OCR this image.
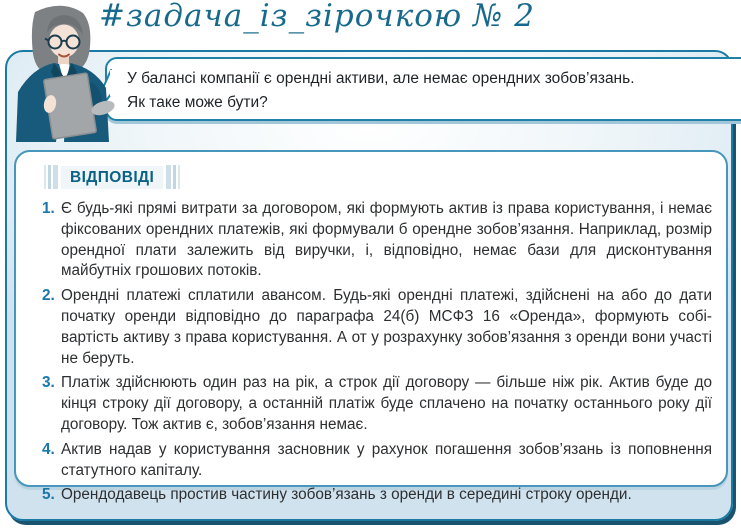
#задача_із_зірочкою № 2
У балансі компанії є орендні активи, але немає орендних зобов’язань.
Як таке може бути?
ВІДПОВІДІ
1. Є будь-які прямі витрати за договором, які формують актив із права користування, і немає фіксованих орендних платежів, які формували б орендне зобов’язання. Наприклад, розмір орендної плати залежить від виручки, і, відповідно, немає бази для дисконтування майбутніх грошових потоків.
2. Орендні платежі сплатили авансом. Будь-які орендні платежі, здійснені на або до дати початку оренди відповідно до параграфа 24(б) МСФЗ 16 «Оренда», формують собівартість активу з права користування. А от у розрахунку зобов’язання з оренди вони участі не беруть.
3. Платіж здійснюють один раз на рік, а строк дії договору — більше ніж рік. Актив буде до кінця строку дії договору, а останній платіж буде сплачено на початку останнього року дії договору. Тож актив є, зобов’язання немає.
4. Актив надав у користування засновник у рахунок погашення зобов’язань із поповнення статутного капіталу.
5. Орендодавець простив частину зобов’язань з оренди в середині строку оренди.
